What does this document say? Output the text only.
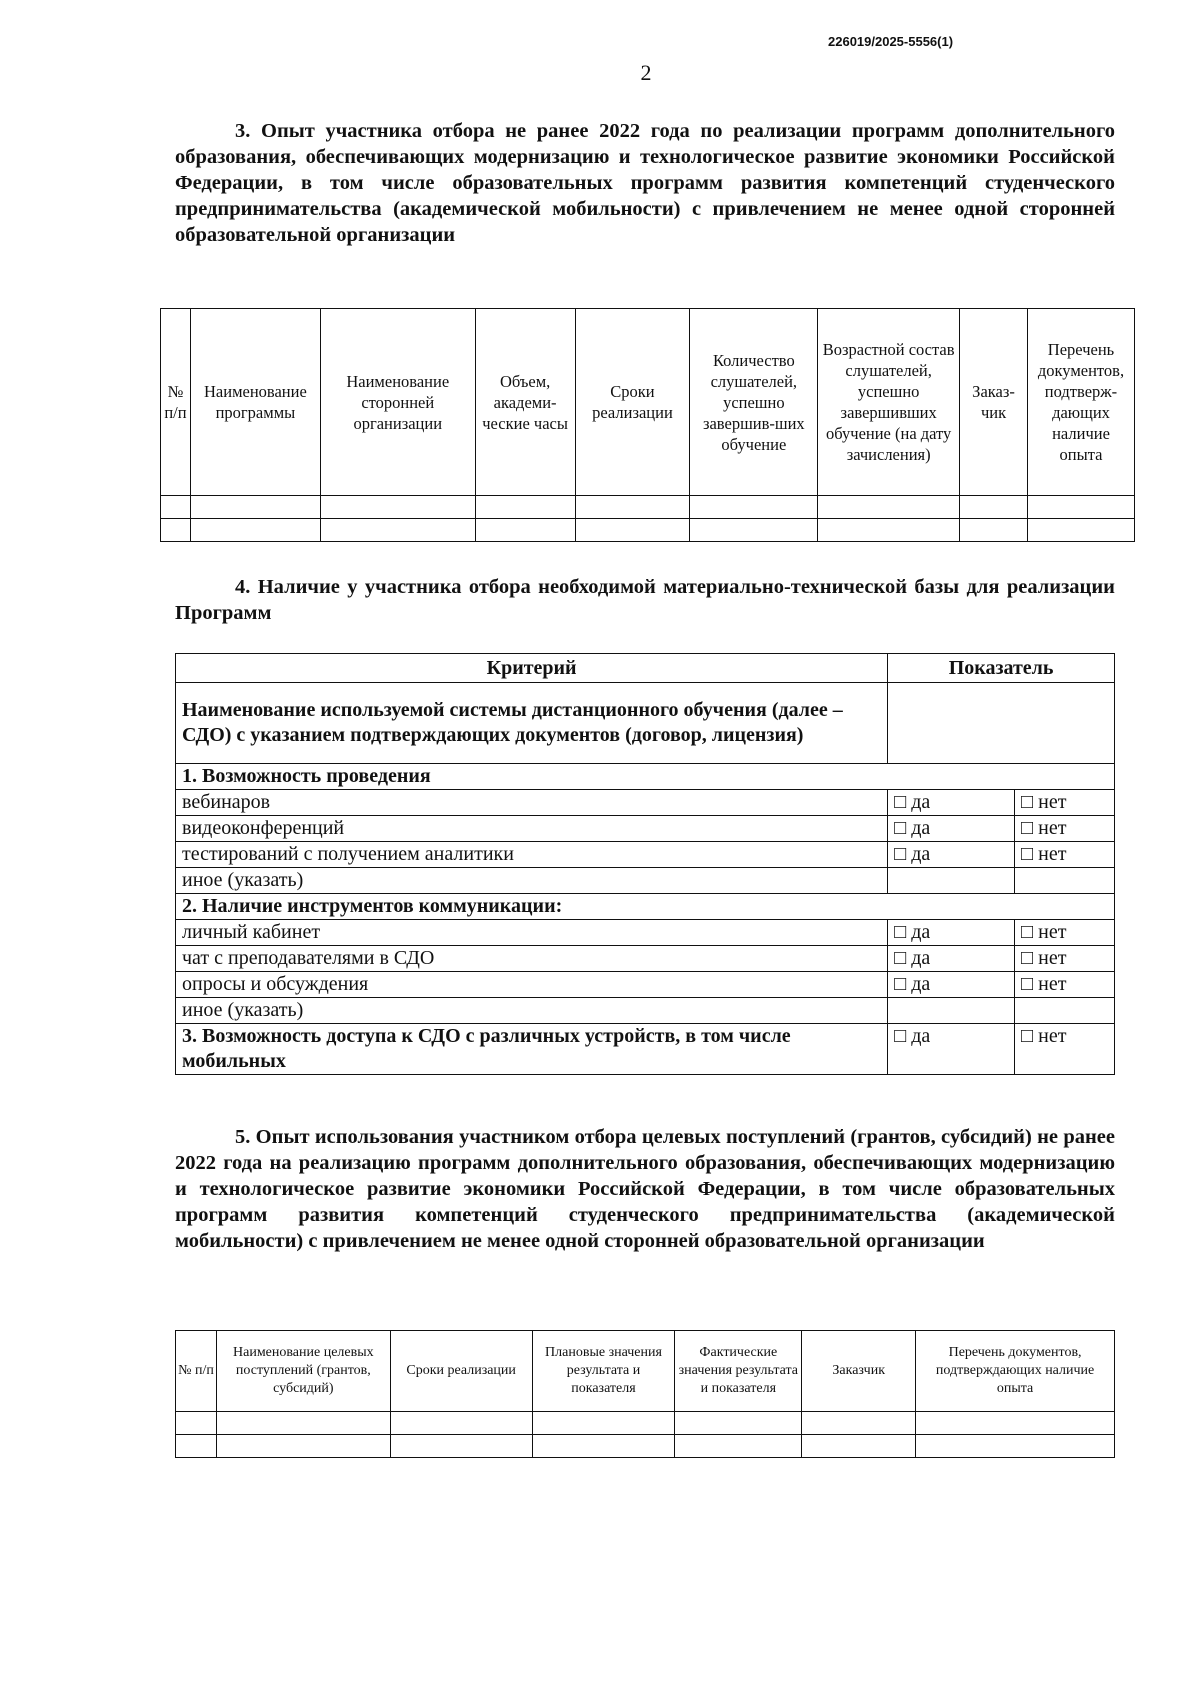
226019/2025-5556(1)
2
3. Опыт участника отбора не ранее 2022 года по реализации программ дополнительного образования, обеспечивающих модернизацию и технологическое развитие экономики Российской Федерации, в том числе образовательных программ развития компетенций студенческого предпринимательства (академической мобильности) с привлечением не менее одной сторонней образовательной организации
№ п/п	Наименование программы	Наименование сторонней организации	Объем, академи-ческие часы	Сроки реализации	Количество слушателей, успешно завершив-ших обучение	Возрастной состав слушателей, успешно завершивших обучение (на дату зачисления)	Заказ-чик	Перечень документов, подтверж-дающих наличие опыта

4. Наличие у участника отбора необходимой материально-технической базы для реализации Программ
Критерий	Показатель	
Наименование используемой системы дистанционного обучения (далее – СДО) с указанием подтверждающих документов (договор, лицензия)		
1. Возможность проведения		
вебинаров	□ да	□ нет
видеоконференций	□ да	□ нет
тестирований с получением аналитики	□ да	□ нет
иное (указать)		
2. Наличие инструментов коммуникации:		
личный кабинет	□ да	□ нет
чат с преподавателями в СДО	□ да	□ нет
опросы и обсуждения	□ да	□ нет
иное (указать)		
3. Возможность доступа к СДО с различных устройств, в том числе мобильных	□ да	□ нет
5. Опыт использования участником отбора целевых поступлений (грантов, субсидий) не ранее 2022 года на реализацию программ дополнительного образования, обеспечивающих модернизацию и технологическое развитие экономики Российской Федерации, в том числе образовательных программ развития компетенций студенческого предпринимательства (академической мобильности) с привлечением не менее одной сторонней образовательной организации
№ п/п	Наименование целевых поступлений (грантов, субсидий)	Сроки реализации	Плановые значения результата и показателя	Фактические значения результата и показателя	Заказчик	Перечень документов, подтверждающих наличие опыта
